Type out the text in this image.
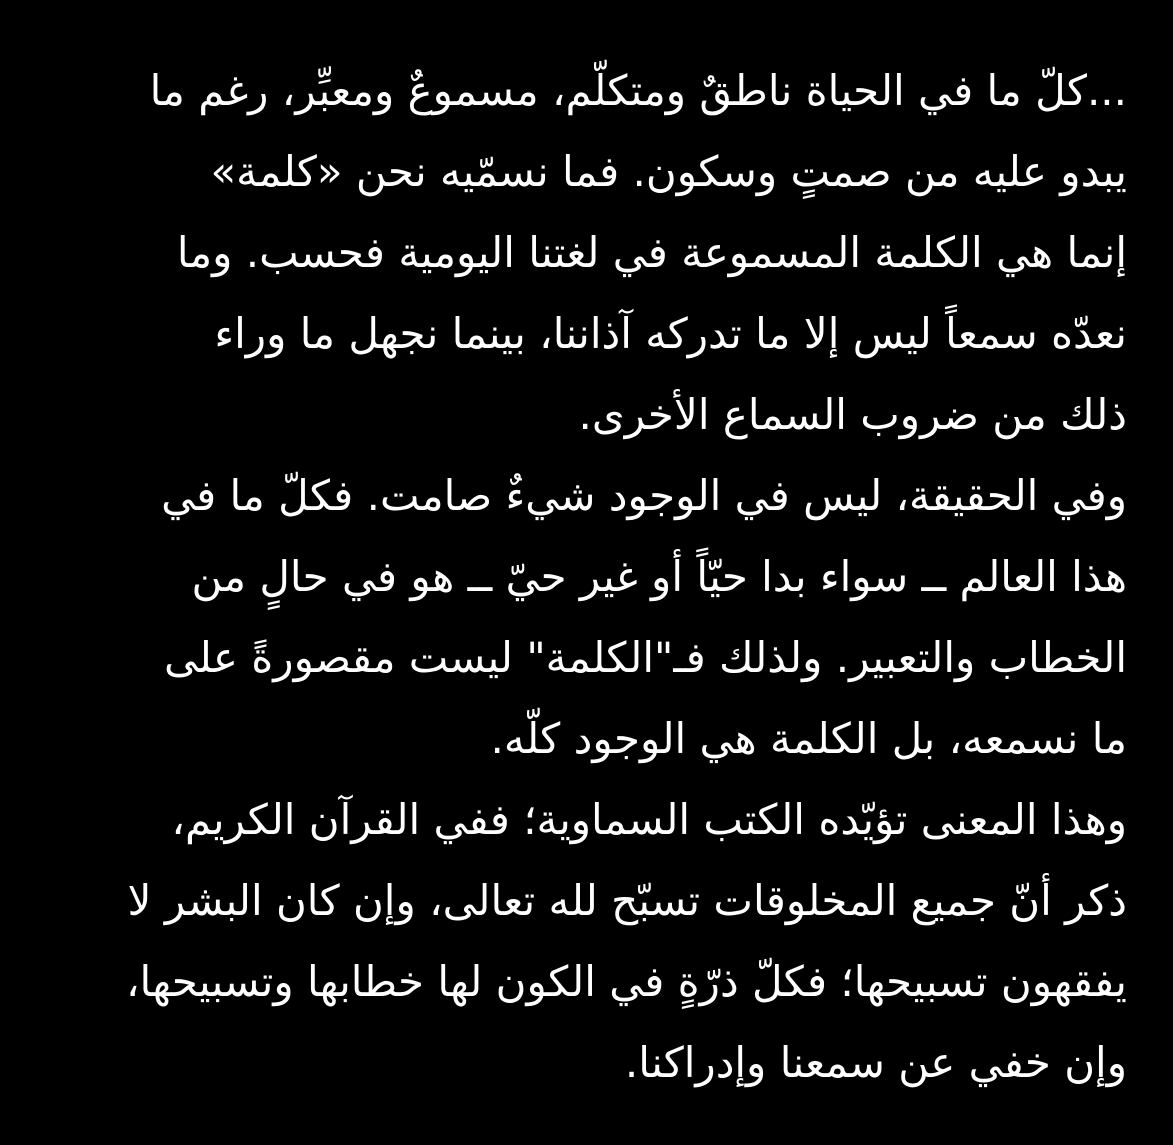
...كلّ ما في الحياة ناطقٌ ومتكلّم، مسموعٌ ومعبِّر، رغم ما
يبدو عليه من صمتٍ وسكون. فما نسمّيه نحن «كلمة»
إنما هي الكلمة المسموعة في لغتنا اليومية فحسب. وما
نعدّه سمعاً ليس إلا ما تدركه آذاننا، بينما نجهل ما وراء
ذلك من ضروب السماع الأخرى.
وفي الحقيقة، ليس في الوجود شيءٌ صامت. فكلّ ما في
هذا العالم ــ سواء بدا حيّاً أو غير حيّ ــ هو في حالٍ من
الخطاب والتعبير. ولذلك فـ"الكلمة" ليست مقصورةً على
ما نسمعه، بل الكلمة هي الوجود كلّه.
وهذا المعنى تؤيّده الكتب السماوية؛ ففي القرآن الكريم،
ذكر أنّ جميع المخلوقات تسبّح لله تعالى، وإن كان البشر لا
يفقهون تسبيحها؛ فكلّ ذرّةٍ في الكون لها خطابها وتسبيحها،
وإن خفي عن سمعنا وإدراكنا.
